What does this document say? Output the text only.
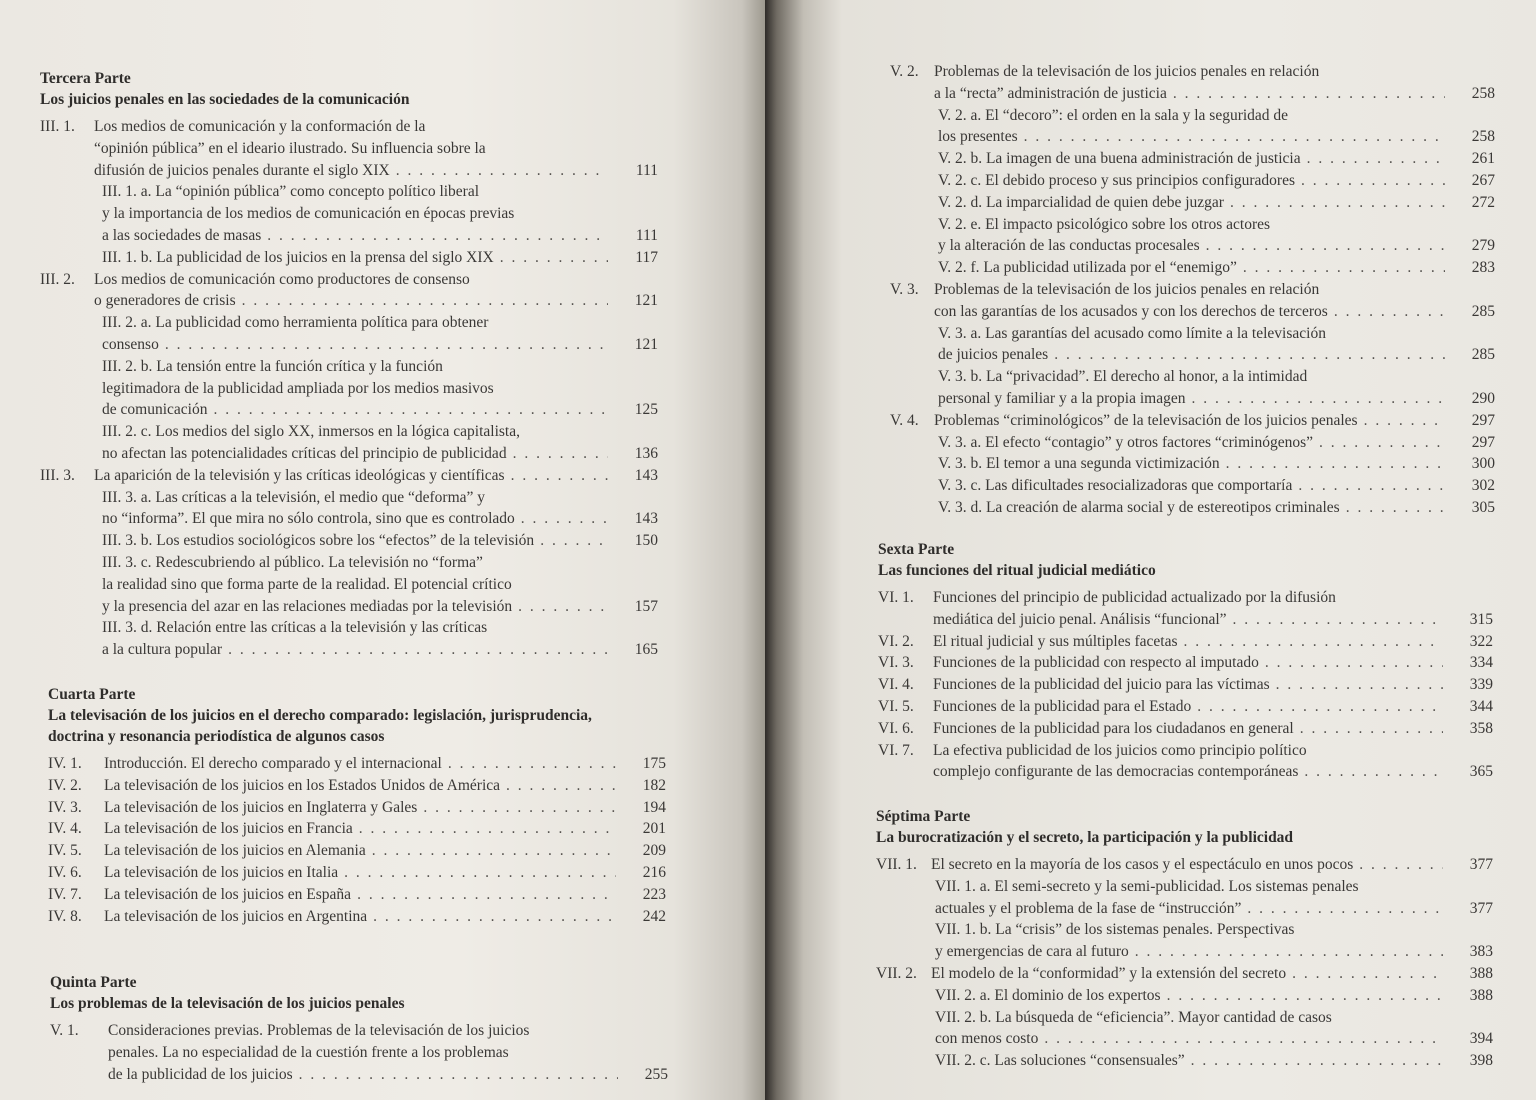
Tercera Parte

Los juicios penales en las sociedades de la comunicación

III. 1. Los medios de comunicación y la conformación de la
“opinión pública” en el ideario ilustrado. Su influencia sobre la
difusión de juicios penales durante el siglo XIX . . .	111
III. 1. a. La “opinión pública” como concepto político liberal
y la importancia de los medios de comunicación en épocas previas
a las sociedades de masas . . .	111
III. 1. b. La publicidad de los juicios en la prensa del siglo XIX . . .	117
III. 2. Los medios de comunicación como productores de consenso
o generadores de crisis . . .	121
III. 2. a. La publicidad como herramienta política para obtener
consenso . . .	121
III. 2. b. La tensión entre la función crítica y la función
legitimadora de la publicidad ampliada por los medios masivos
de comunicación . . .	125
III. 2. c. Los medios del siglo XX, inmersos en la lógica capitalista,
no afectan las potencialidades críticas del principio de publicidad . . .	136
III. 3. La aparición de la televisión y las críticas ideológicas y científicas . . .	143
III. 3. a. Las críticas a la televisión, el medio que “deforma” y
no “informa”. El que mira no sólo controla, sino que es controlado . . .	143
III. 3. b. Los estudios sociológicos sobre los “efectos” de la televisión . . .	150
III. 3. c. Redescubriendo al público. La televisión no “forma”
la realidad sino que forma parte de la realidad. El potencial crítico
y la presencia del azar en las relaciones mediadas por la televisión . . .	157
III. 3. d. Relación entre las críticas a la televisión y las críticas
a la cultura popular . . .	165

Cuarta Parte

La televisación de los juicios en el derecho comparado: legislación, jurisprudencia, doctrina y resonancia periodística de algunos casos

IV. 1. Introducción. El derecho comparado y el internacional . . .	175
IV. 2. La televisación de los juicios en los Estados Unidos de América . . .	182
IV. 3. La televisación de los juicios en Inglaterra y Gales . . .	194
IV. 4. La televisación de los juicios en Francia . . .	201
IV. 5. La televisación de los juicios en Alemania . . .	209
IV. 6. La televisación de los juicios en Italia . . .	216
IV. 7. La televisación de los juicios en España . . .	223
IV. 8. La televisación de los juicios en Argentina . . .	242

Quinta Parte

Los problemas de la televisación de los juicios penales

V. 1. Consideraciones previas. Problemas de la televisación de los juicios
penales. La no especialidad de la cuestión frente a los problemas
de la publicidad de los juicios . . .	255
V. 2. Problemas de la televisación de los juicios penales en relación
a la “recta” administración de justicia . . .	258
V. 2. a. El “decoro”: el orden en la sala y la seguridad de
los presentes . . .	258
V. 2. b. La imagen de una buena administración de justicia . . .	261
V. 2. c. El debido proceso y sus principios configuradores . . .	267
V. 2. d. La imparcialidad de quien debe juzgar . . .	272
V. 2. e. El impacto psicológico sobre los otros actores
y la alteración de las conductas procesales . . .	279
V. 2. f. La publicidad utilizada por el “enemigo” . . .	283
V. 3. Problemas de la televisación de los juicios penales en relación
con las garantías de los acusados y con los derechos de terceros . . .	285
V. 3. a. Las garantías del acusado como límite a la televisación
de juicios penales . . .	285
V. 3. b. La “privacidad”. El derecho al honor, a la intimidad
personal y familiar y a la propia imagen . . .	290
V. 4. Problemas “criminológicos” de la televisación de los juicios penales . . .	297
V. 3. a. El efecto “contagio” y otros factores “criminógenos” . . .	297
V. 3. b. El temor a una segunda victimización . . .	300
V. 3. c. Las dificultades resocializadoras que comportaría . . .	302
V. 3. d. La creación de alarma social y de estereotipos criminales . . .	305

Sexta Parte

Las funciones del ritual judicial mediático

VI. 1. Funciones del principio de publicidad actualizado por la difusión
mediática del juicio penal. Análisis “funcional” . . .	315
VI. 2. El ritual judicial y sus múltiples facetas . . .	322
VI. 3. Funciones de la publicidad con respecto al imputado . . .	334
VI. 4. Funciones de la publicidad del juicio para las víctimas . . .	339
VI. 5. Funciones de la publicidad para el Estado . . .	344
VI. 6. Funciones de la publicidad para los ciudadanos en general . . .	358
VI. 7. La efectiva publicidad de los juicios como principio político
complejo configurante de las democracias contemporáneas . . .	365

Séptima Parte

La burocratización y el secreto, la participación y la publicidad

VII. 1. El secreto en la mayoría de los casos y el espectáculo en unos pocos . . .	377
VII. 1. a. El semi-secreto y la semi-publicidad. Los sistemas penales
actuales y el problema de la fase de “instrucción” . . .	377
VII. 1. b. La “crisis” de los sistemas penales. Perspectivas
y emergencias de cara al futuro . . .	383
VII. 2. El modelo de la “conformidad” y la extensión del secreto . . .	388
VII. 2. a. El dominio de los expertos . . .	388
VII. 2. b. La búsqueda de “eficiencia”. Mayor cantidad de casos
con menos costo . . .	394
VII. 2. c. Las soluciones “consensuales” . . .	398
